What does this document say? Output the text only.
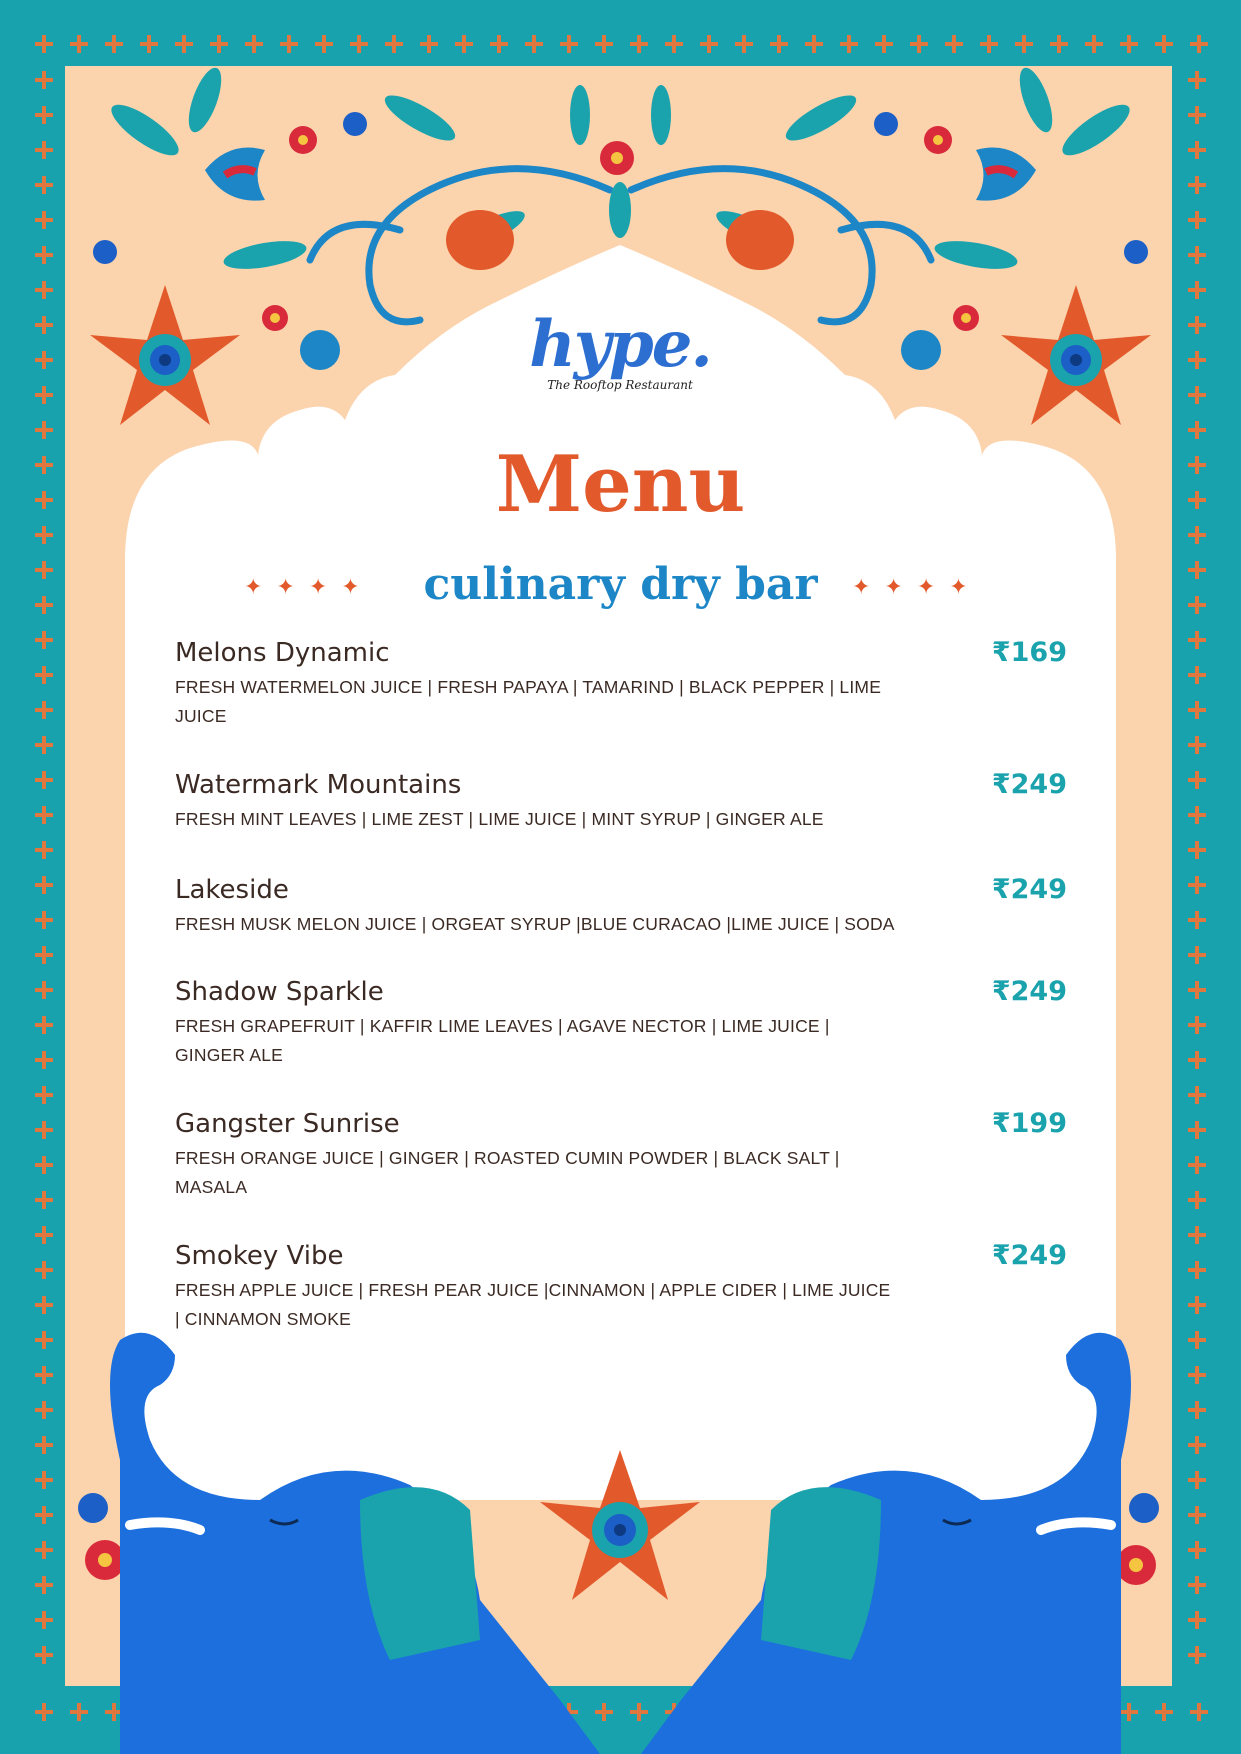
hype.
The Rooftop Restaurant
Menu
✦✦✦✦	culinary dry bar	✦✦✦✦
Melons Dynamic	₹169
FRESH WATERMELON JUICE | FRESH PAPAYA | TAMARIND | BLACK PEPPER | LIME JUICE
Watermark Mountains	₹249
FRESH MINT LEAVES | LIME ZEST | LIME JUICE | MINT SYRUP | GINGER ALE
Lakeside	₹249
FRESH MUSK MELON JUICE | ORGEAT SYRUP |BLUE CURACAO |LIME JUICE | SODA
Shadow Sparkle	₹249
FRESH GRAPEFRUIT | KAFFIR LIME LEAVES | AGAVE NECTOR | LIME JUICE | GINGER ALE
Gangster Sunrise	₹199
FRESH ORANGE JUICE | GINGER | ROASTED CUMIN POWDER | BLACK SALT | MASALA
Smokey Vibe	₹249
FRESH APPLE JUICE | FRESH PEAR JUICE |CINNAMON | APPLE CIDER | LIME JUICE | CINNAMON SMOKE
